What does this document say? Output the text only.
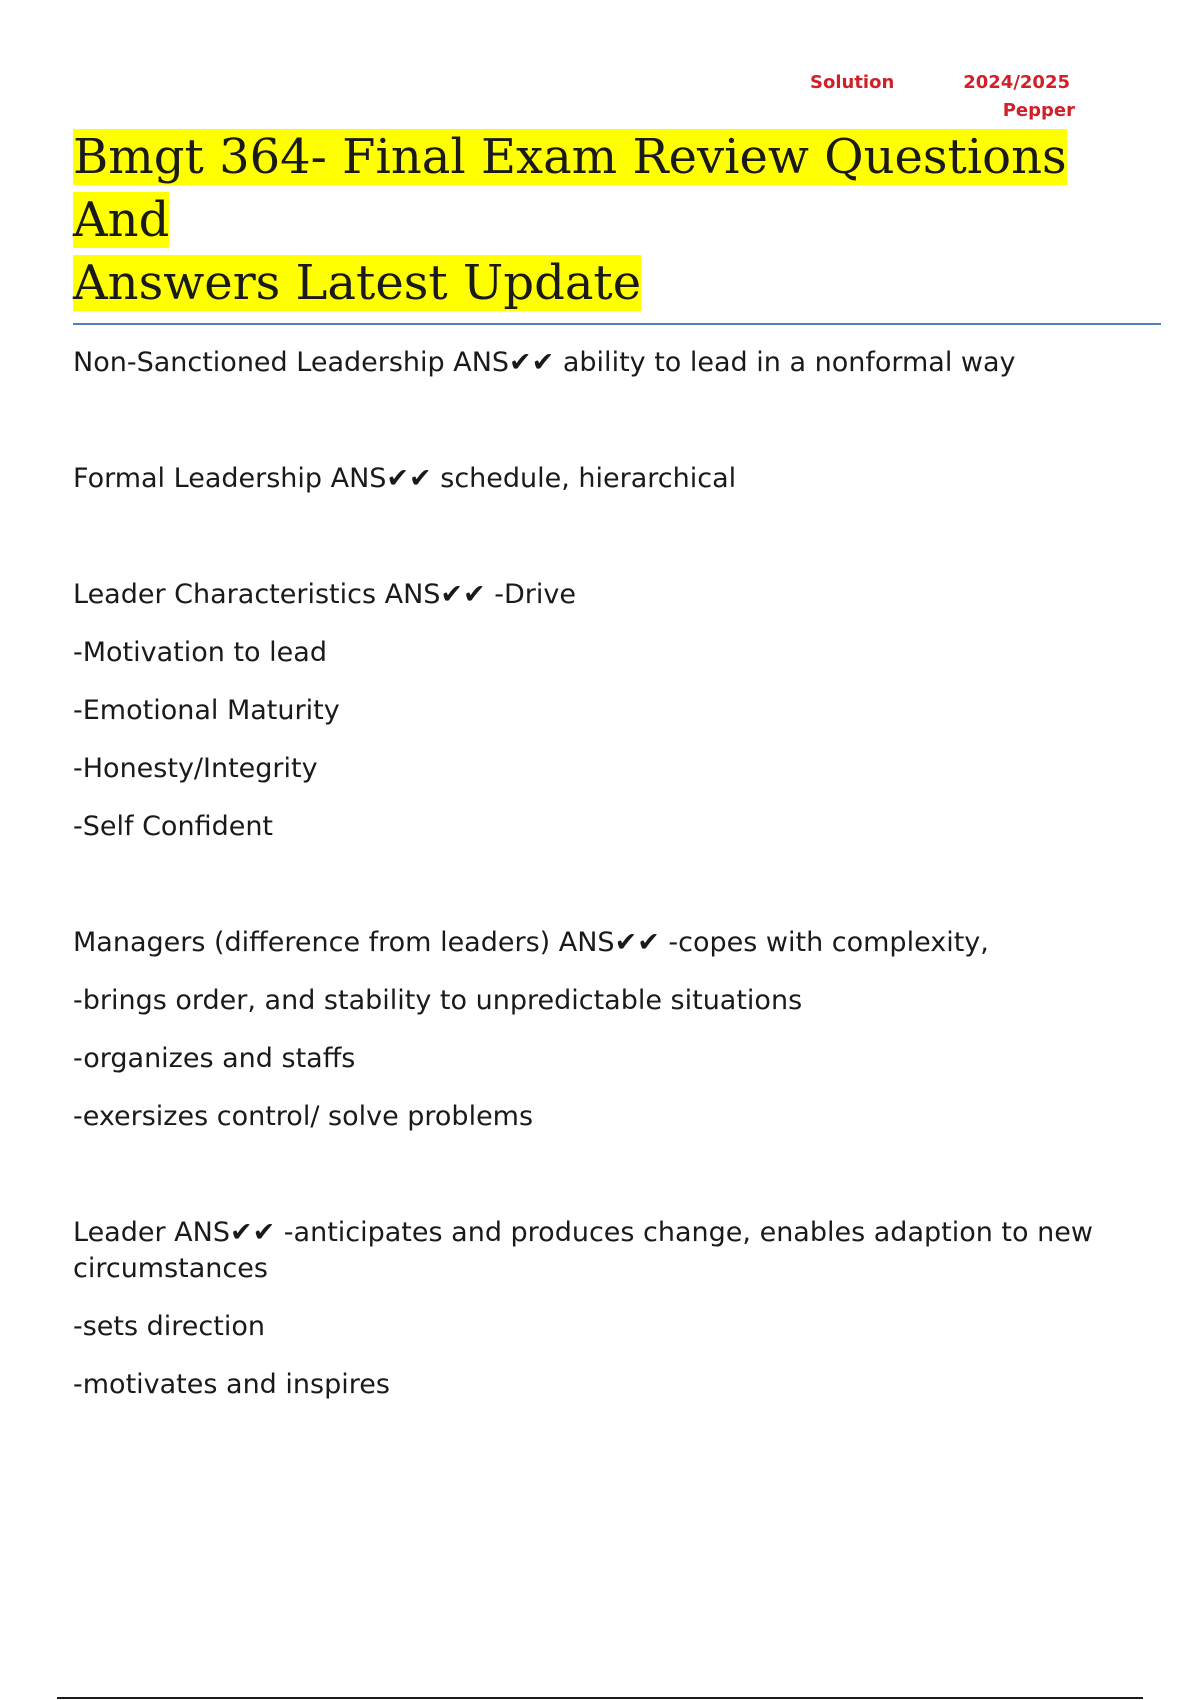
Solution	2024/2025
Pepper
Bmgt 364- Final Exam Review Questions And
Answers Latest Update

Non-Sanctioned Leadership ANS✔✔ ability to lead in a nonformal way

Formal Leadership ANS✔✔ schedule, hierarchical

Leader Characteristics ANS✔✔ -Drive

-Motivation to lead

-Emotional Maturity

-Honesty/Integrity

-Self Confident

Managers (difference from leaders) ANS✔✔ -copes with complexity,

-brings order, and stability to unpredictable situations

-organizes and staffs

-exersizes control/ solve problems

Leader ANS✔✔ -anticipates and produces change, enables adaption to new circumstances

-sets direction

-motivates and inspires
